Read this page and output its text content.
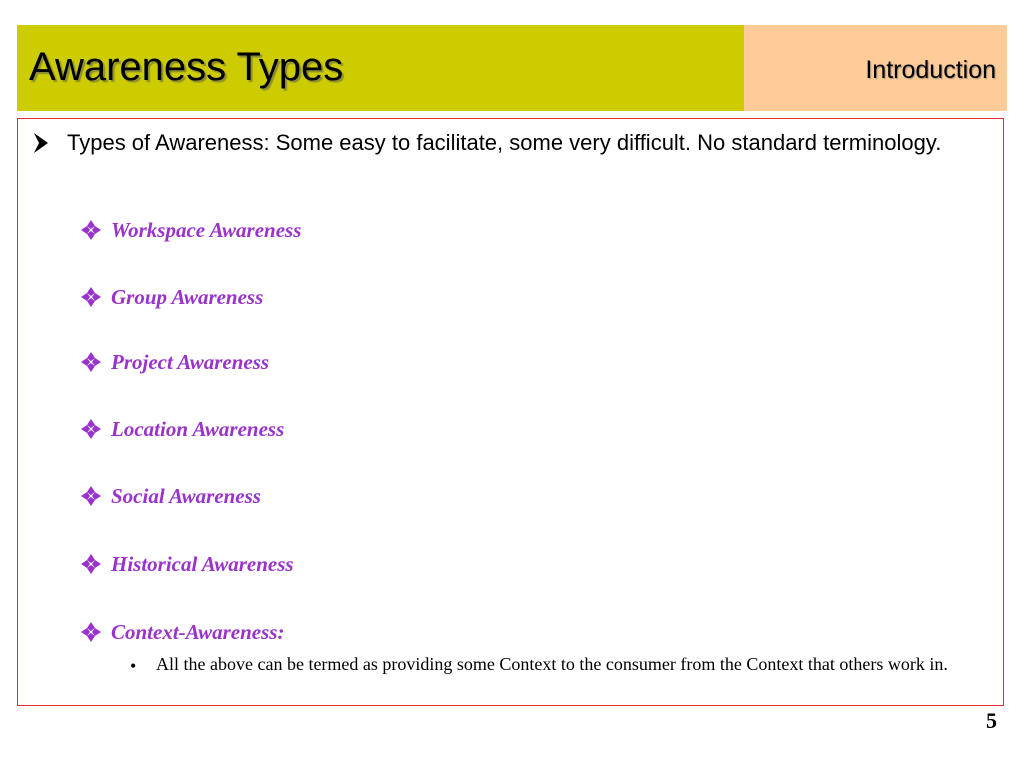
Awareness Types	Introduction
Types of Awareness: Some easy to facilitate, some very difficult. No standard terminology.
Workspace Awareness
Group Awareness
Project Awareness
Location Awareness
Social Awareness
Historical Awareness
Context-Awareness:
• All the above can be termed as providing some Context to the consumer from the Context that others work in.
5
